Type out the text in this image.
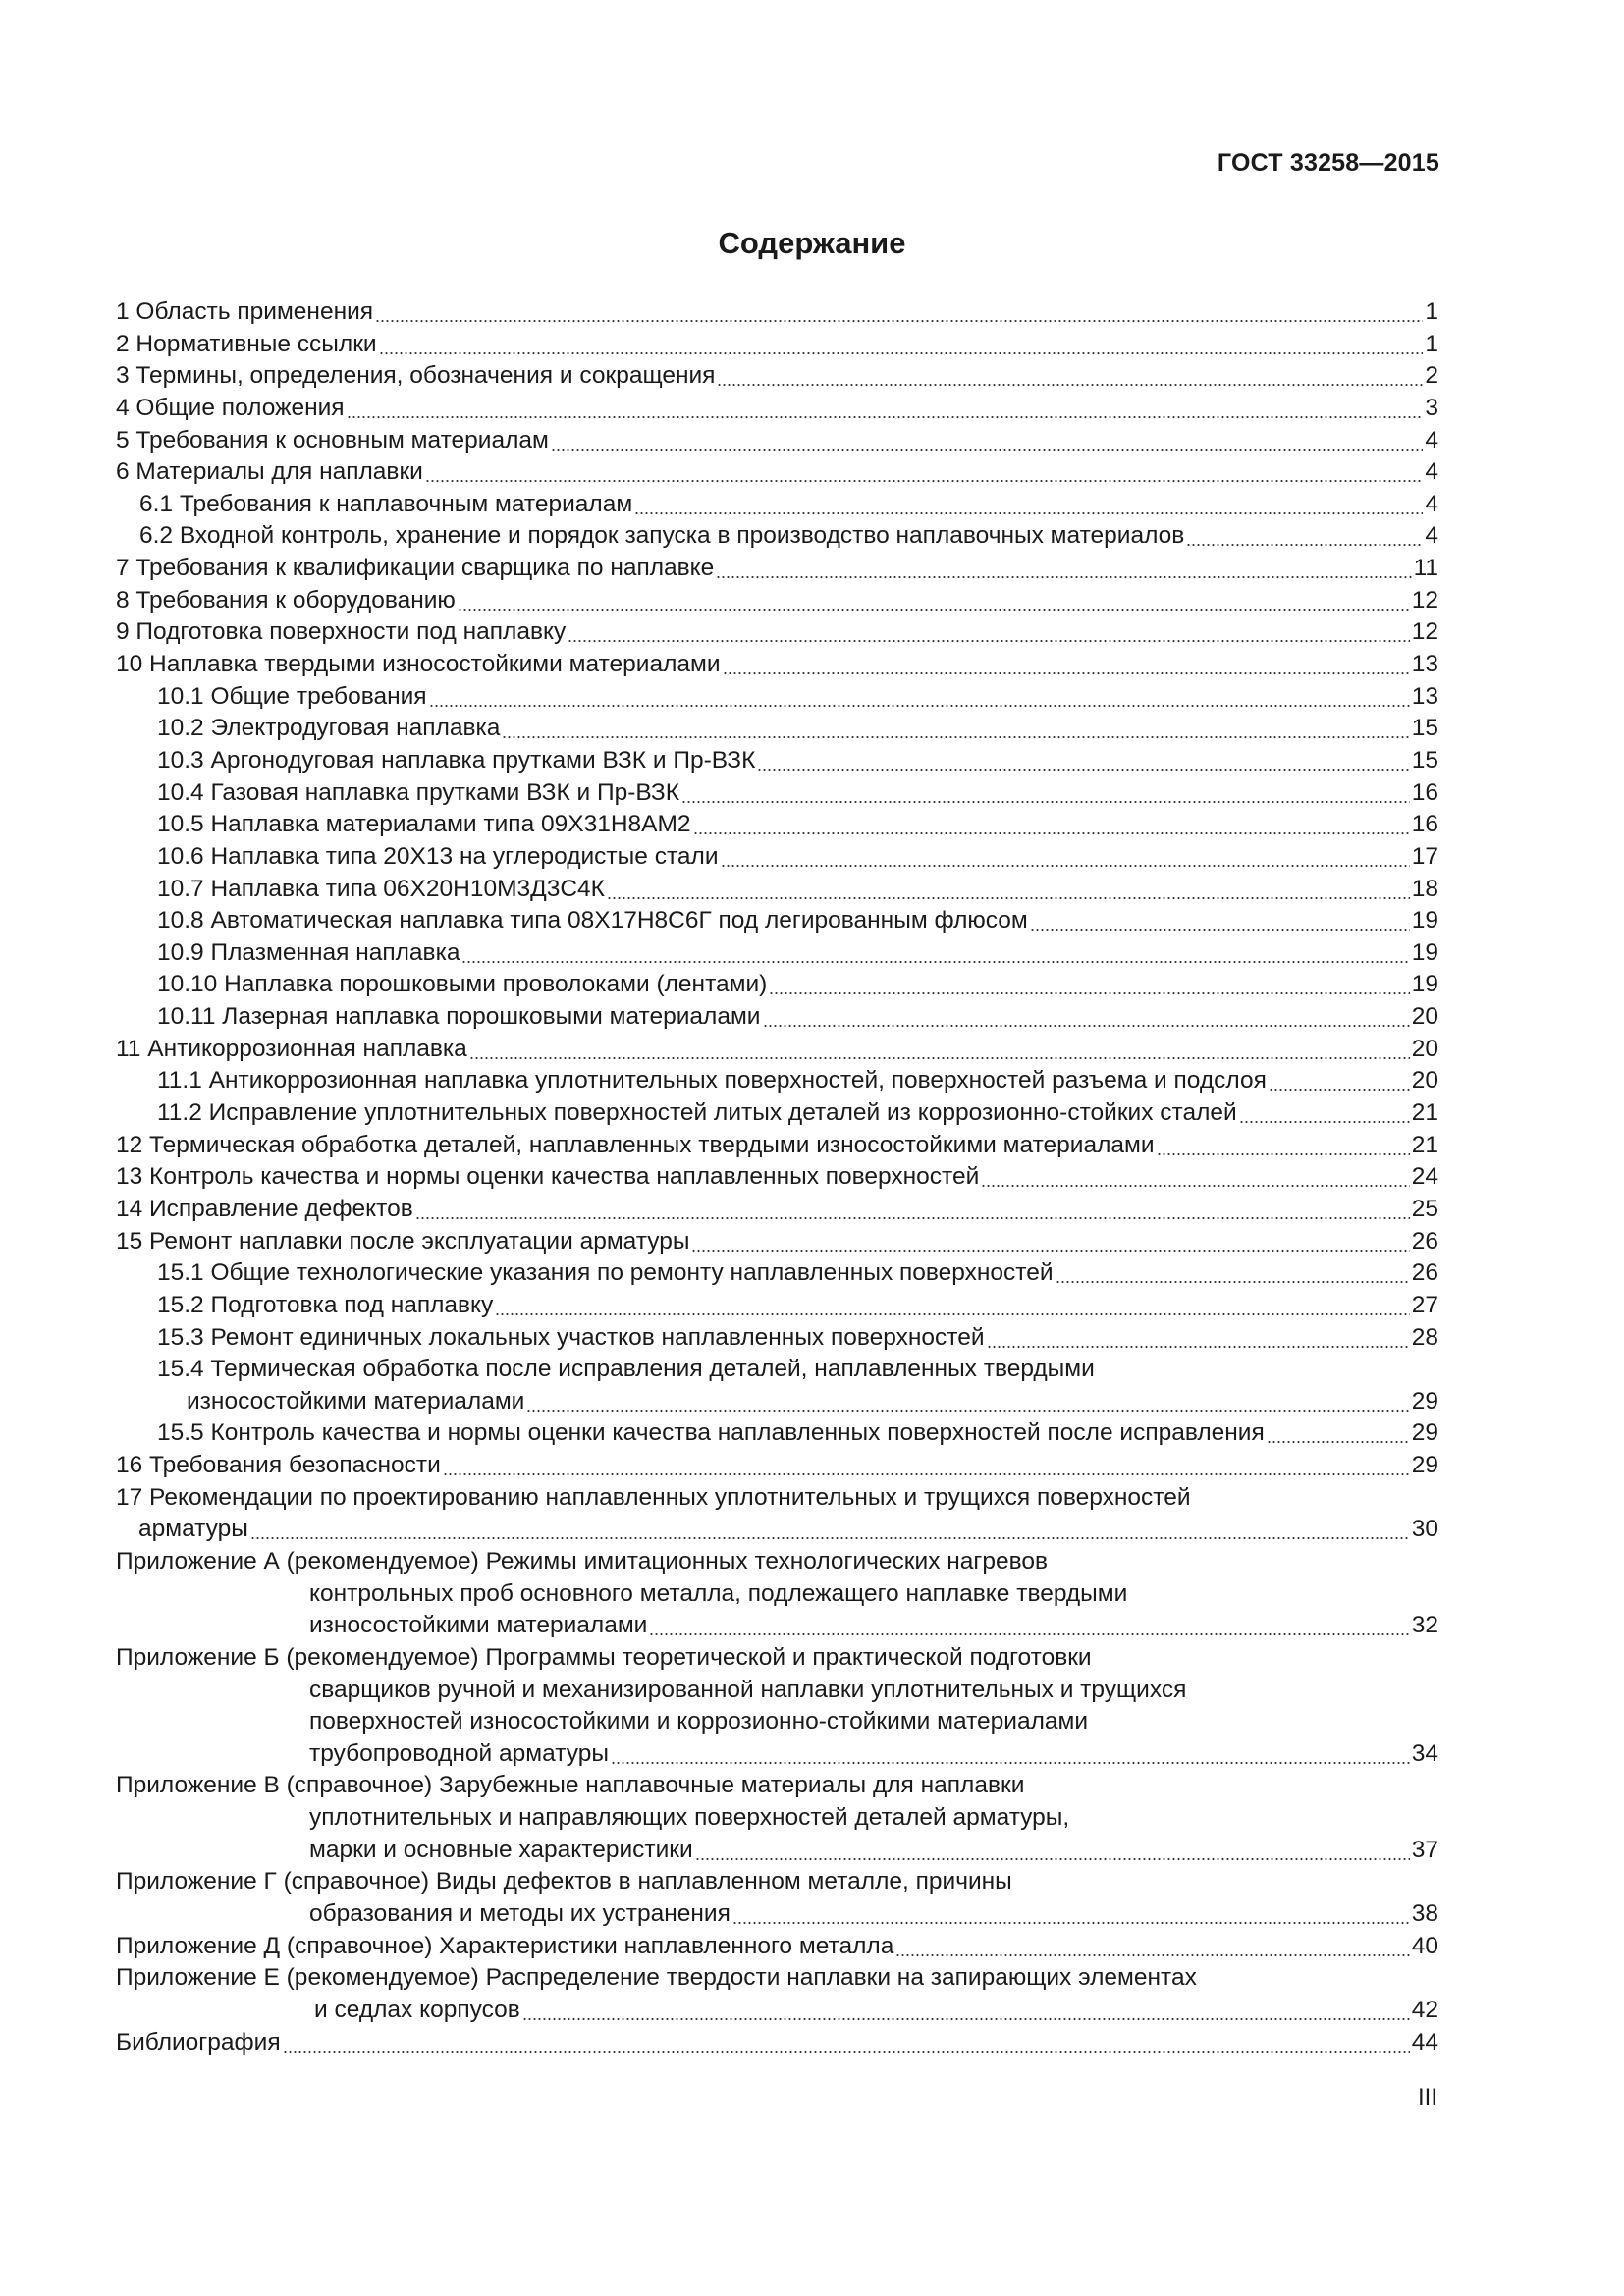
ГОСТ 33258—2015
Содержание
1 Область применения	1
2 Нормативные ссылки	1
3 Термины, определения, обозначения и сокращения	2
4 Общие положения	3
5 Требования к основным материалам	4
6 Материалы для наплавки	4
6.1 Требования к наплавочным материалам	4
6.2 Входной контроль, хранение и порядок запуска в производство наплавочных материалов	4
7 Требования к квалификации сварщика по наплавке	11
8 Требования к оборудованию	12
9 Подготовка поверхности под наплавку	12
10 Наплавка твердыми износостойкими материалами	13
10.1 Общие требования	13
10.2 Электродуговая наплавка	15
10.3 Аргонодуговая наплавка прутками ВЗК и Пр-ВЗК	15
10.4 Газовая наплавка прутками ВЗК и Пр-ВЗК	16
10.5 Наплавка материалами типа 09Х31Н8АМ2	16
10.6 Наплавка типа 20Х13 на углеродистые стали	17
10.7 Наплавка типа 06Х20Н10М3Д3С4К	18
10.8 Автоматическая наплавка типа 08Х17Н8С6Г под легированным флюсом	19
10.9 Плазменная наплавка	19
10.10 Наплавка порошковыми проволоками (лентами)	19
10.11 Лазерная наплавка порошковыми материалами	20
11 Антикоррозионная наплавка	20
11.1 Антикоррозионная наплавка уплотнительных поверхностей, поверхностей разъема и подслоя	20
11.2 Исправление уплотнительных поверхностей литых деталей из коррозионно-стойких сталей	21
12 Термическая обработка деталей, наплавленных твердыми износостойкими материалами	21
13 Контроль качества и нормы оценки качества наплавленных поверхностей	24
14 Исправление дефектов	25
15 Ремонт наплавки после эксплуатации арматуры	26
15.1 Общие технологические указания по ремонту наплавленных поверхностей	26
15.2 Подготовка под наплавку	27
15.3 Ремонт единичных локальных участков наплавленных поверхностей	28
15.4 Термическая обработка после исправления деталей, наплавленных твердыми
износостойкими материалами	29
15.5 Контроль качества и нормы оценки качества наплавленных поверхностей после исправления	29
16 Требования безопасности	29
17 Рекомендации по проектированию наплавленных уплотнительных и трущихся поверхностей
арматуры	30
Приложение А (рекомендуемое) Режимы имитационных технологических нагревов
контрольных проб основного металла, подлежащего наплавке твердыми
износостойкими материалами	32
Приложение Б (рекомендуемое) Программы теоретической и практической подготовки
сварщиков ручной и механизированной наплавки уплотнительных и трущихся
поверхностей износостойкими и коррозионно-стойкими материалами
трубопроводной арматуры	34
Приложение В (справочное) Зарубежные наплавочные материалы для наплавки
уплотнительных и направляющих поверхностей деталей арматуры,
марки и основные характеристики	37
Приложение Г (справочное) Виды дефектов в наплавленном металле, причины
образования и методы их устранения	38
Приложение Д (справочное) Характеристики наплавленного металла	40
Приложение Е (рекомендуемое) Распределение твердости наплавки на запирающих элементах
и седлах корпусов	42
Библиография	44
III
